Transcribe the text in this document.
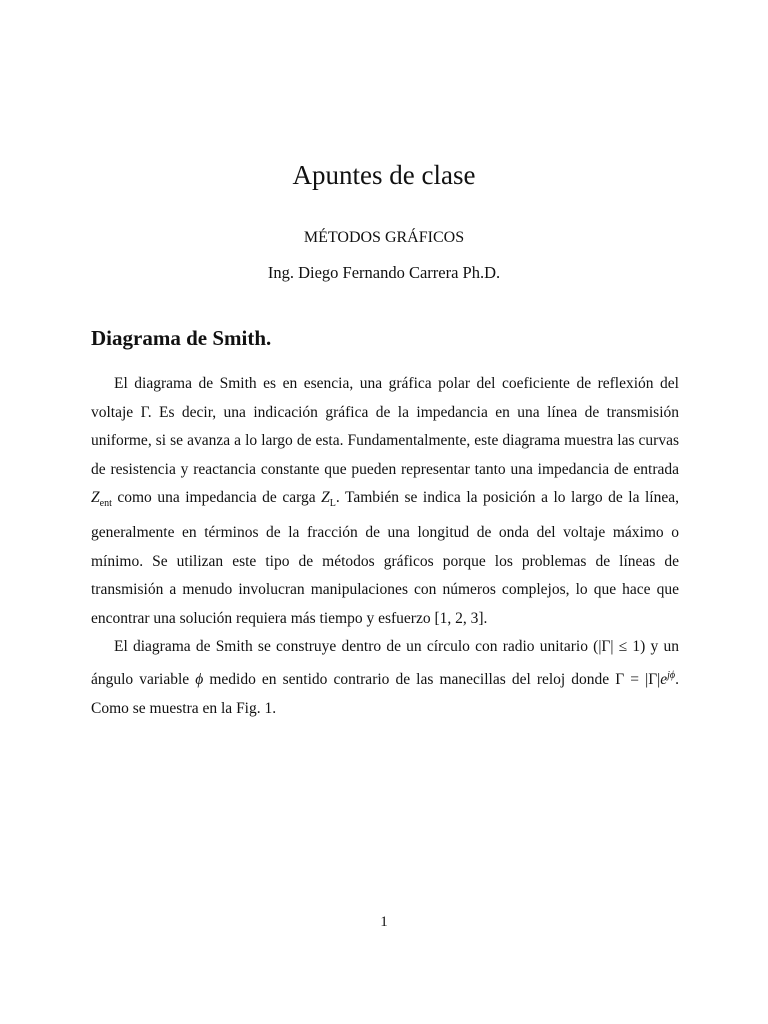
Apuntes de clase
MÉTODOS GRÁFICOS
Ing. Diego Fernando Carrera Ph.D.
Diagrama de Smith.

El diagrama de Smith es en esencia, una gráfica polar del coeficiente de reflexión del voltaje Γ. Es decir, una indicación gráfica de la impedancia en una línea de transmisión uniforme, si se avanza a lo largo de esta. Fundamentalmente, este diagrama muestra las curvas de resistencia y reactancia constante que pueden representar tanto una impedancia de entrada $Z_{ent}$ como una impedancia de carga $Z_L$. También se indica la posición a lo largo de la línea, generalmente en términos de la fracción de una longitud de onda del voltaje máximo o mínimo. Se utilizan este tipo de métodos gráficos porque los problemas de líneas de transmisión a menudo involucran manipulaciones con números complejos, lo que hace que encontrar una solución requiera más tiempo y esfuerzo [1, 2, 3].

El diagrama de Smith se construye dentro de un círculo con radio unitario (|Γ| ≤ 1) y un ángulo variable ϕ medido en sentido contrario de las manecillas del reloj donde $\Gamma = |\Gamma|e^{j\phi}$. Como se muestra en la Fig. 1.

1
